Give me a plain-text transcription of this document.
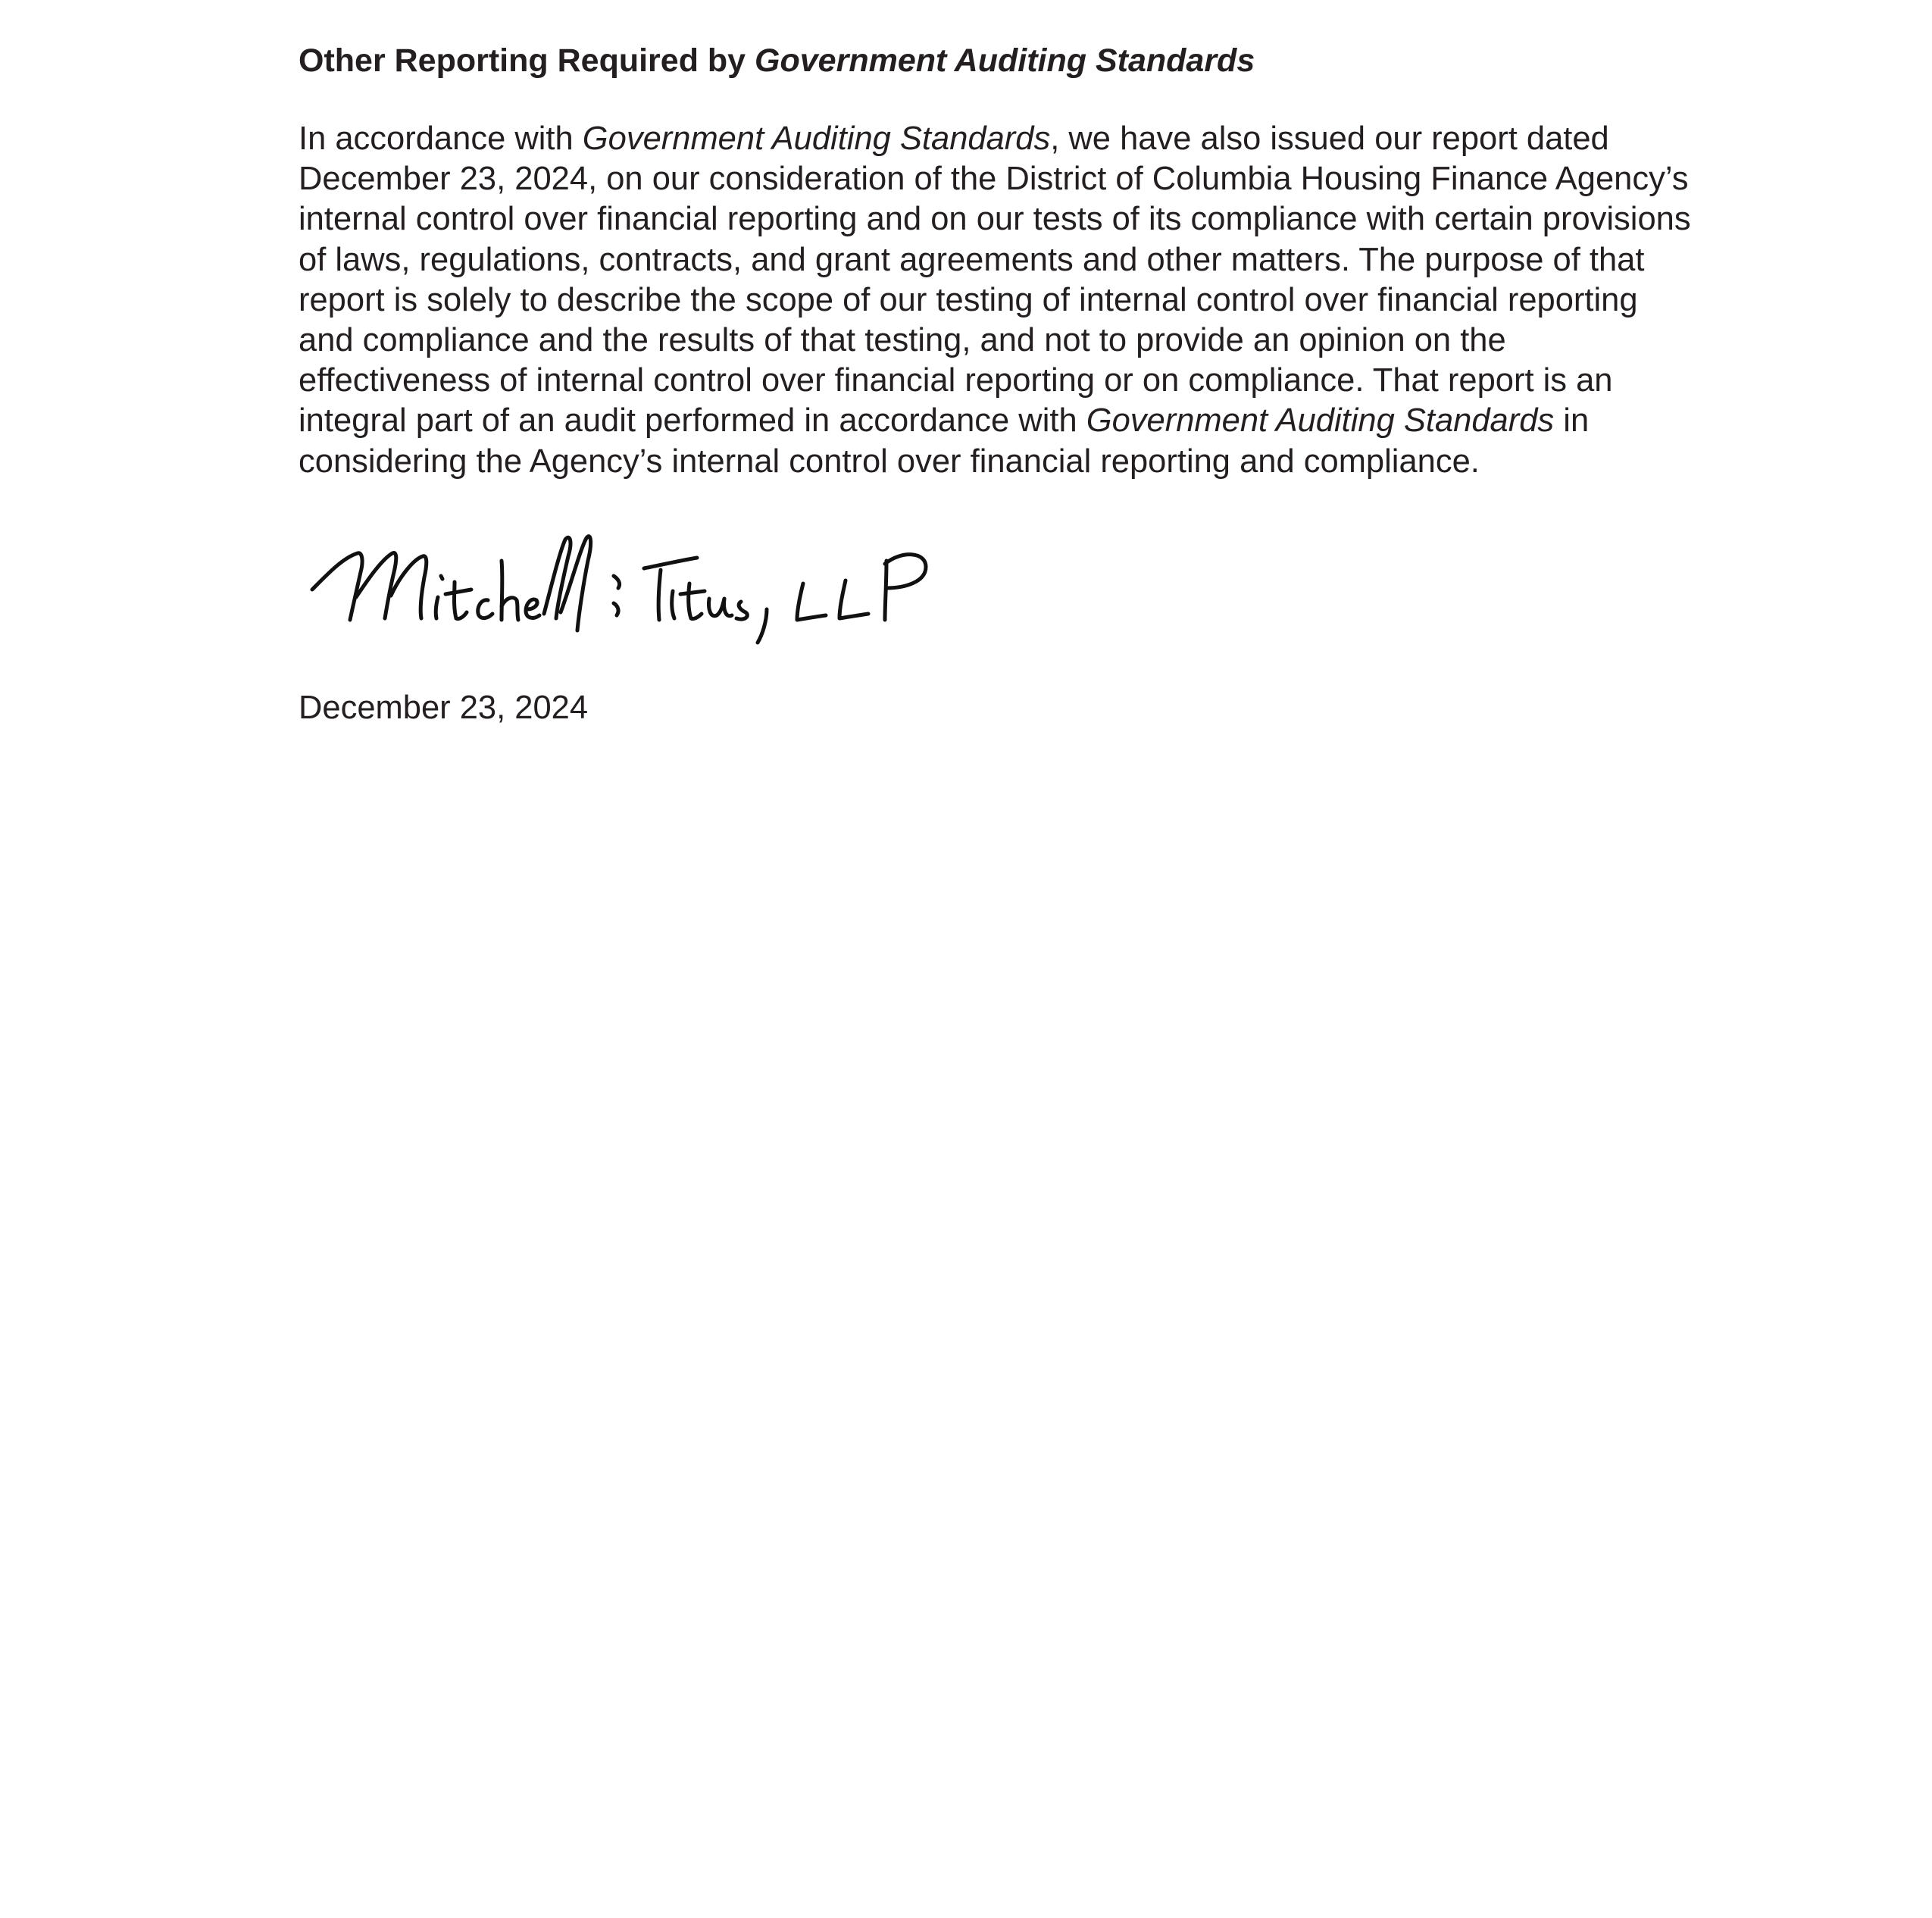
Other Reporting Required by Government Auditing Standards

In accordance with Government Auditing Standards, we have also issued our report dated
December 23, 2024, on our consideration of the District of Columbia Housing Finance Agency’s
internal control over financial reporting and on our tests of its compliance with certain provisions
of laws, regulations, contracts, and grant agreements and other matters. The purpose of that
report is solely to describe the scope of our testing of internal control over financial reporting
and compliance and the results of that testing, and not to provide an opinion on the
effectiveness of internal control over financial reporting or on compliance. That report is an
integral part of an audit performed in accordance with Government Auditing Standards in
considering the Agency’s internal control over financial reporting and compliance.

December 23, 2024
